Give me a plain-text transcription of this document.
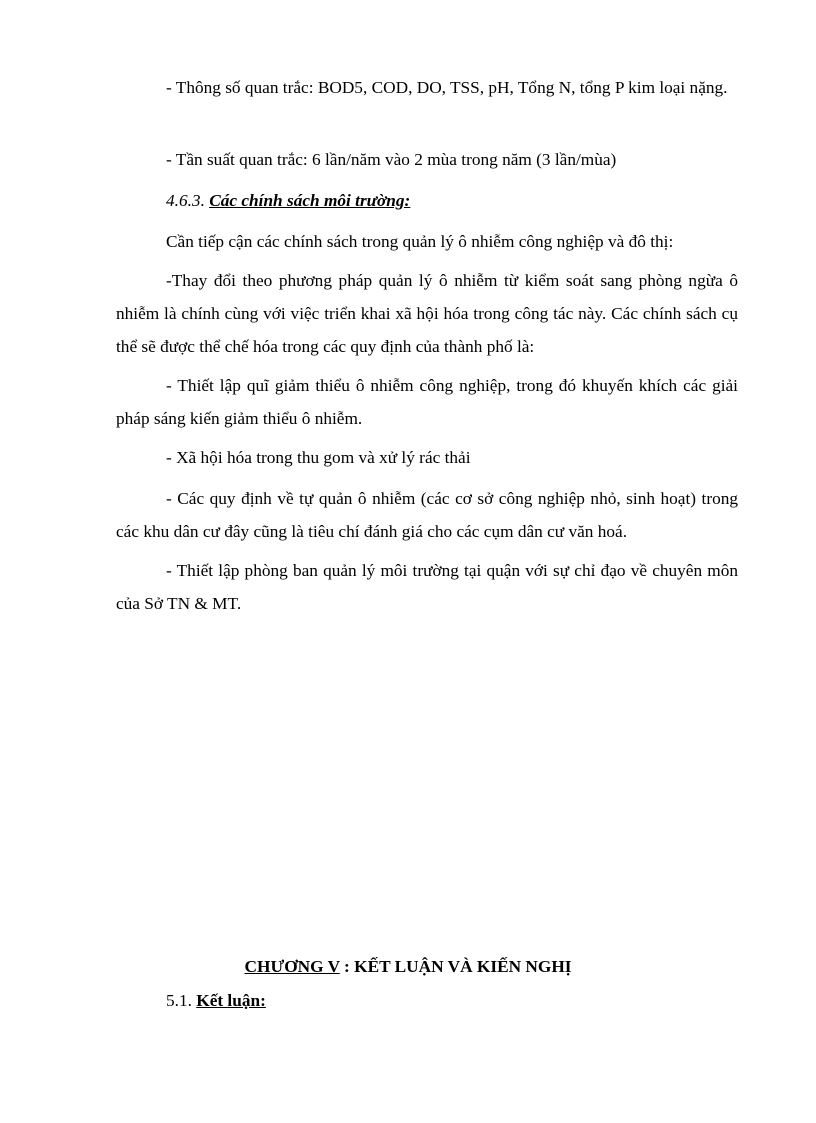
- Thông số quan trắc: BOD5, COD, DO, TSS, pH, Tổng N, tổng P kim loại nặng.

- Tần suất quan trắc: 6 lần/năm vào 2 mùa trong năm (3 lần/mùa)

4.6.3. Các chính sách môi trường:

Cần tiếp cận các chính sách trong quản lý ô nhiễm công nghiệp và đô thị:

-Thay đổi theo phương pháp quản lý ô nhiễm từ kiểm soát sang phòng ngừa ô nhiễm là chính cùng với việc triển khai xã hội hóa trong công tác này. Các chính sách cụ thể sẽ được thể chế hóa trong các quy định của thành phố là:

- Thiết lập quĩ giảm thiểu ô nhiễm công nghiệp, trong đó khuyến khích các giải pháp sáng kiến giảm thiểu ô nhiễm.

- Xã hội hóa trong thu gom và xử lý rác thải

- Các quy định về tự quản ô nhiễm (các cơ sở công nghiệp nhỏ, sinh hoạt) trong các khu dân cư đây cũng là tiêu chí đánh giá cho các cụm dân cư văn hoá.

- Thiết lập phòng ban quản lý môi trường tại quận với sự chỉ đạo về chuyên môn của Sở TN & MT.

CHƯƠNG V : KẾT LUẬN VÀ KIẾN NGHỊ
5.1. Kết luận:
